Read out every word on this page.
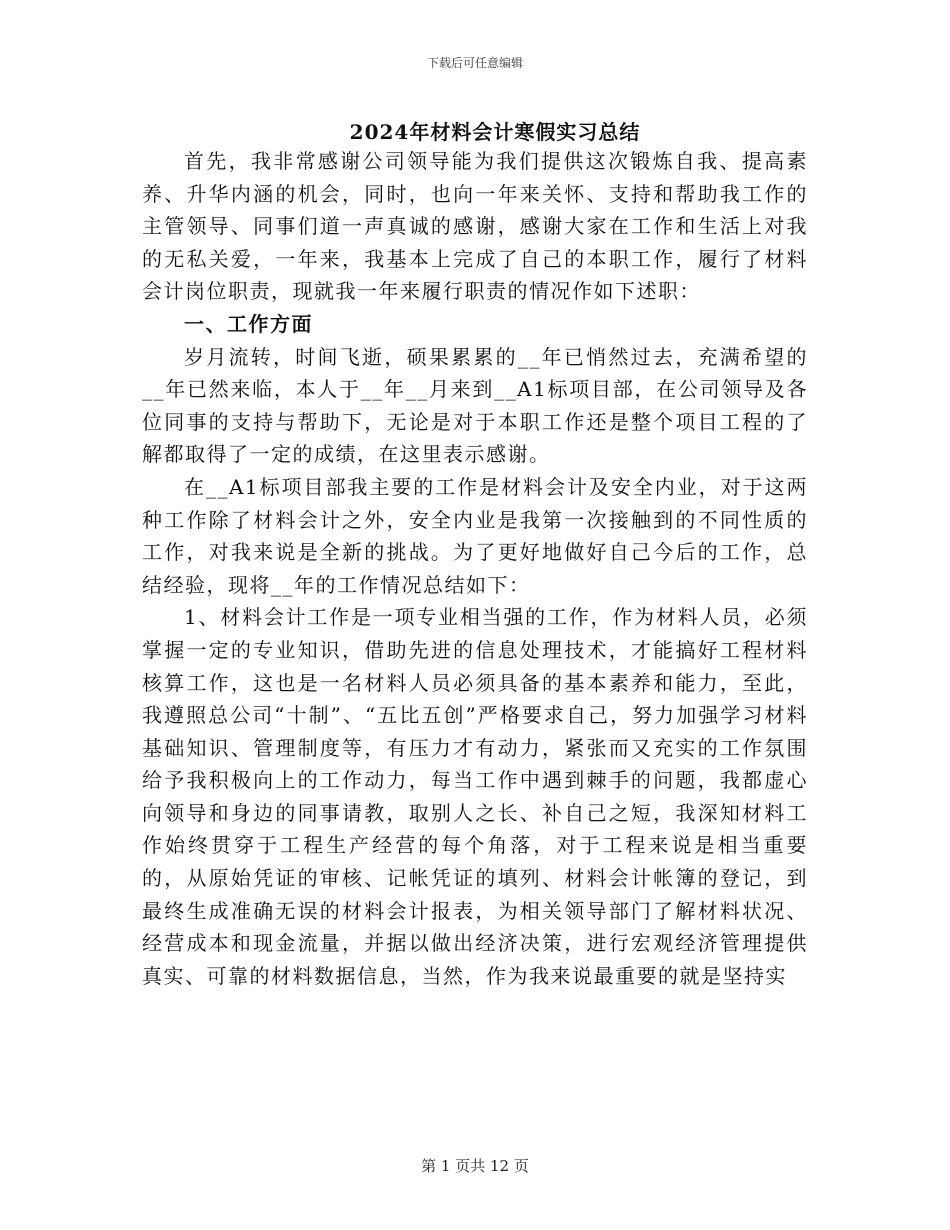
下载后可任意编辑
2024年材料会计寒假实习总结

首先，我非常感谢公司领导能为我们提供这次锻炼自我、提高素养、升华内涵的机会，同时，也向一年来关怀、支持和帮助我工作的主管领导、同事们道一声真诚的感谢，感谢大家在工作和生活上对我的无私关爱，一年来，我基本上完成了自己的本职工作，履行了材料会计岗位职责，现就我一年来履行职责的情况作如下述职：

一、工作方面

岁月流转，时间飞逝，硕果累累的__年已悄然过去，充满希望的__年已然来临，本人于__年__月来到__A1标项目部，在公司领导及各位同事的支持与帮助下，无论是对于本职工作还是整个项目工程的了解都取得了一定的成绩，在这里表示感谢。

在__A1标项目部我主要的工作是材料会计及安全内业，对于这两种工作除了材料会计之外，安全内业是我第一次接触到的不同性质的工作，对我来说是全新的挑战。为了更好地做好自己今后的工作，总结经验，现将__年的工作情况总结如下：

1、材料会计工作是一项专业相当强的工作，作为材料人员，必须掌握一定的专业知识，借助先进的信息处理技术，才能搞好工程材料核算工作，这也是一名材料人员必须具备的基本素养和能力，至此，我遵照总公司“十制”、“五比五创”严格要求自己，努力加强学习材料基础知识、管理制度等，有压力才有动力，紧张而又充实的工作氛围给予我积极向上的工作动力，每当工作中遇到棘手的问题，我都虚心向领导和身边的同事请教，取别人之长、补自己之短，我深知材料工作始终贯穿于工程生产经营的每个角落，对于工程来说是相当重要的，从原始凭证的审核、记帐凭证的填列、材料会计帐簿的登记，到最终生成准确无误的材料会计报表，为相关领导部门了解材料状况、经营成本和现金流量，并据以做出经济决策，进行宏观经济管理提供真实、可靠的材料数据信息，当然，作为我来说最重要的就是坚持实

第 1 页共 12 页
